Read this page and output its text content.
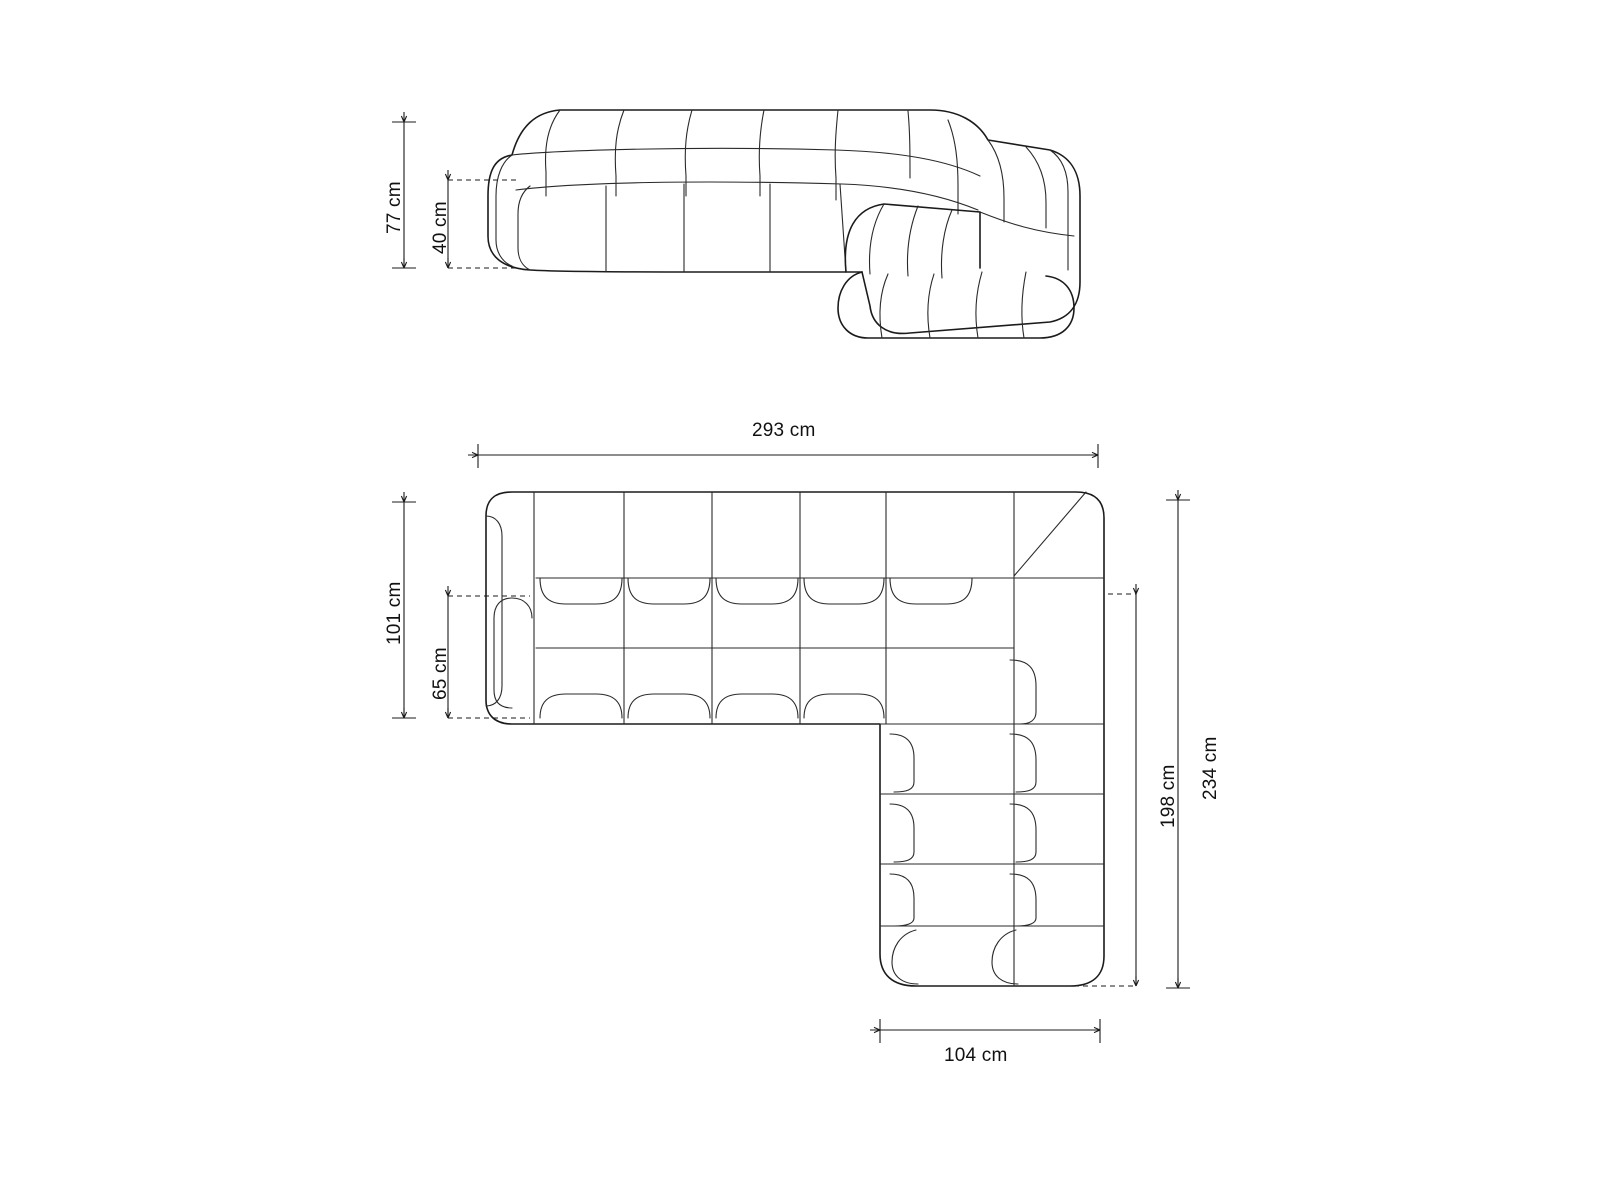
77 cm 40 cm
293 cm
101 cm
65 cm
234 cm
198 cm
104 cm
